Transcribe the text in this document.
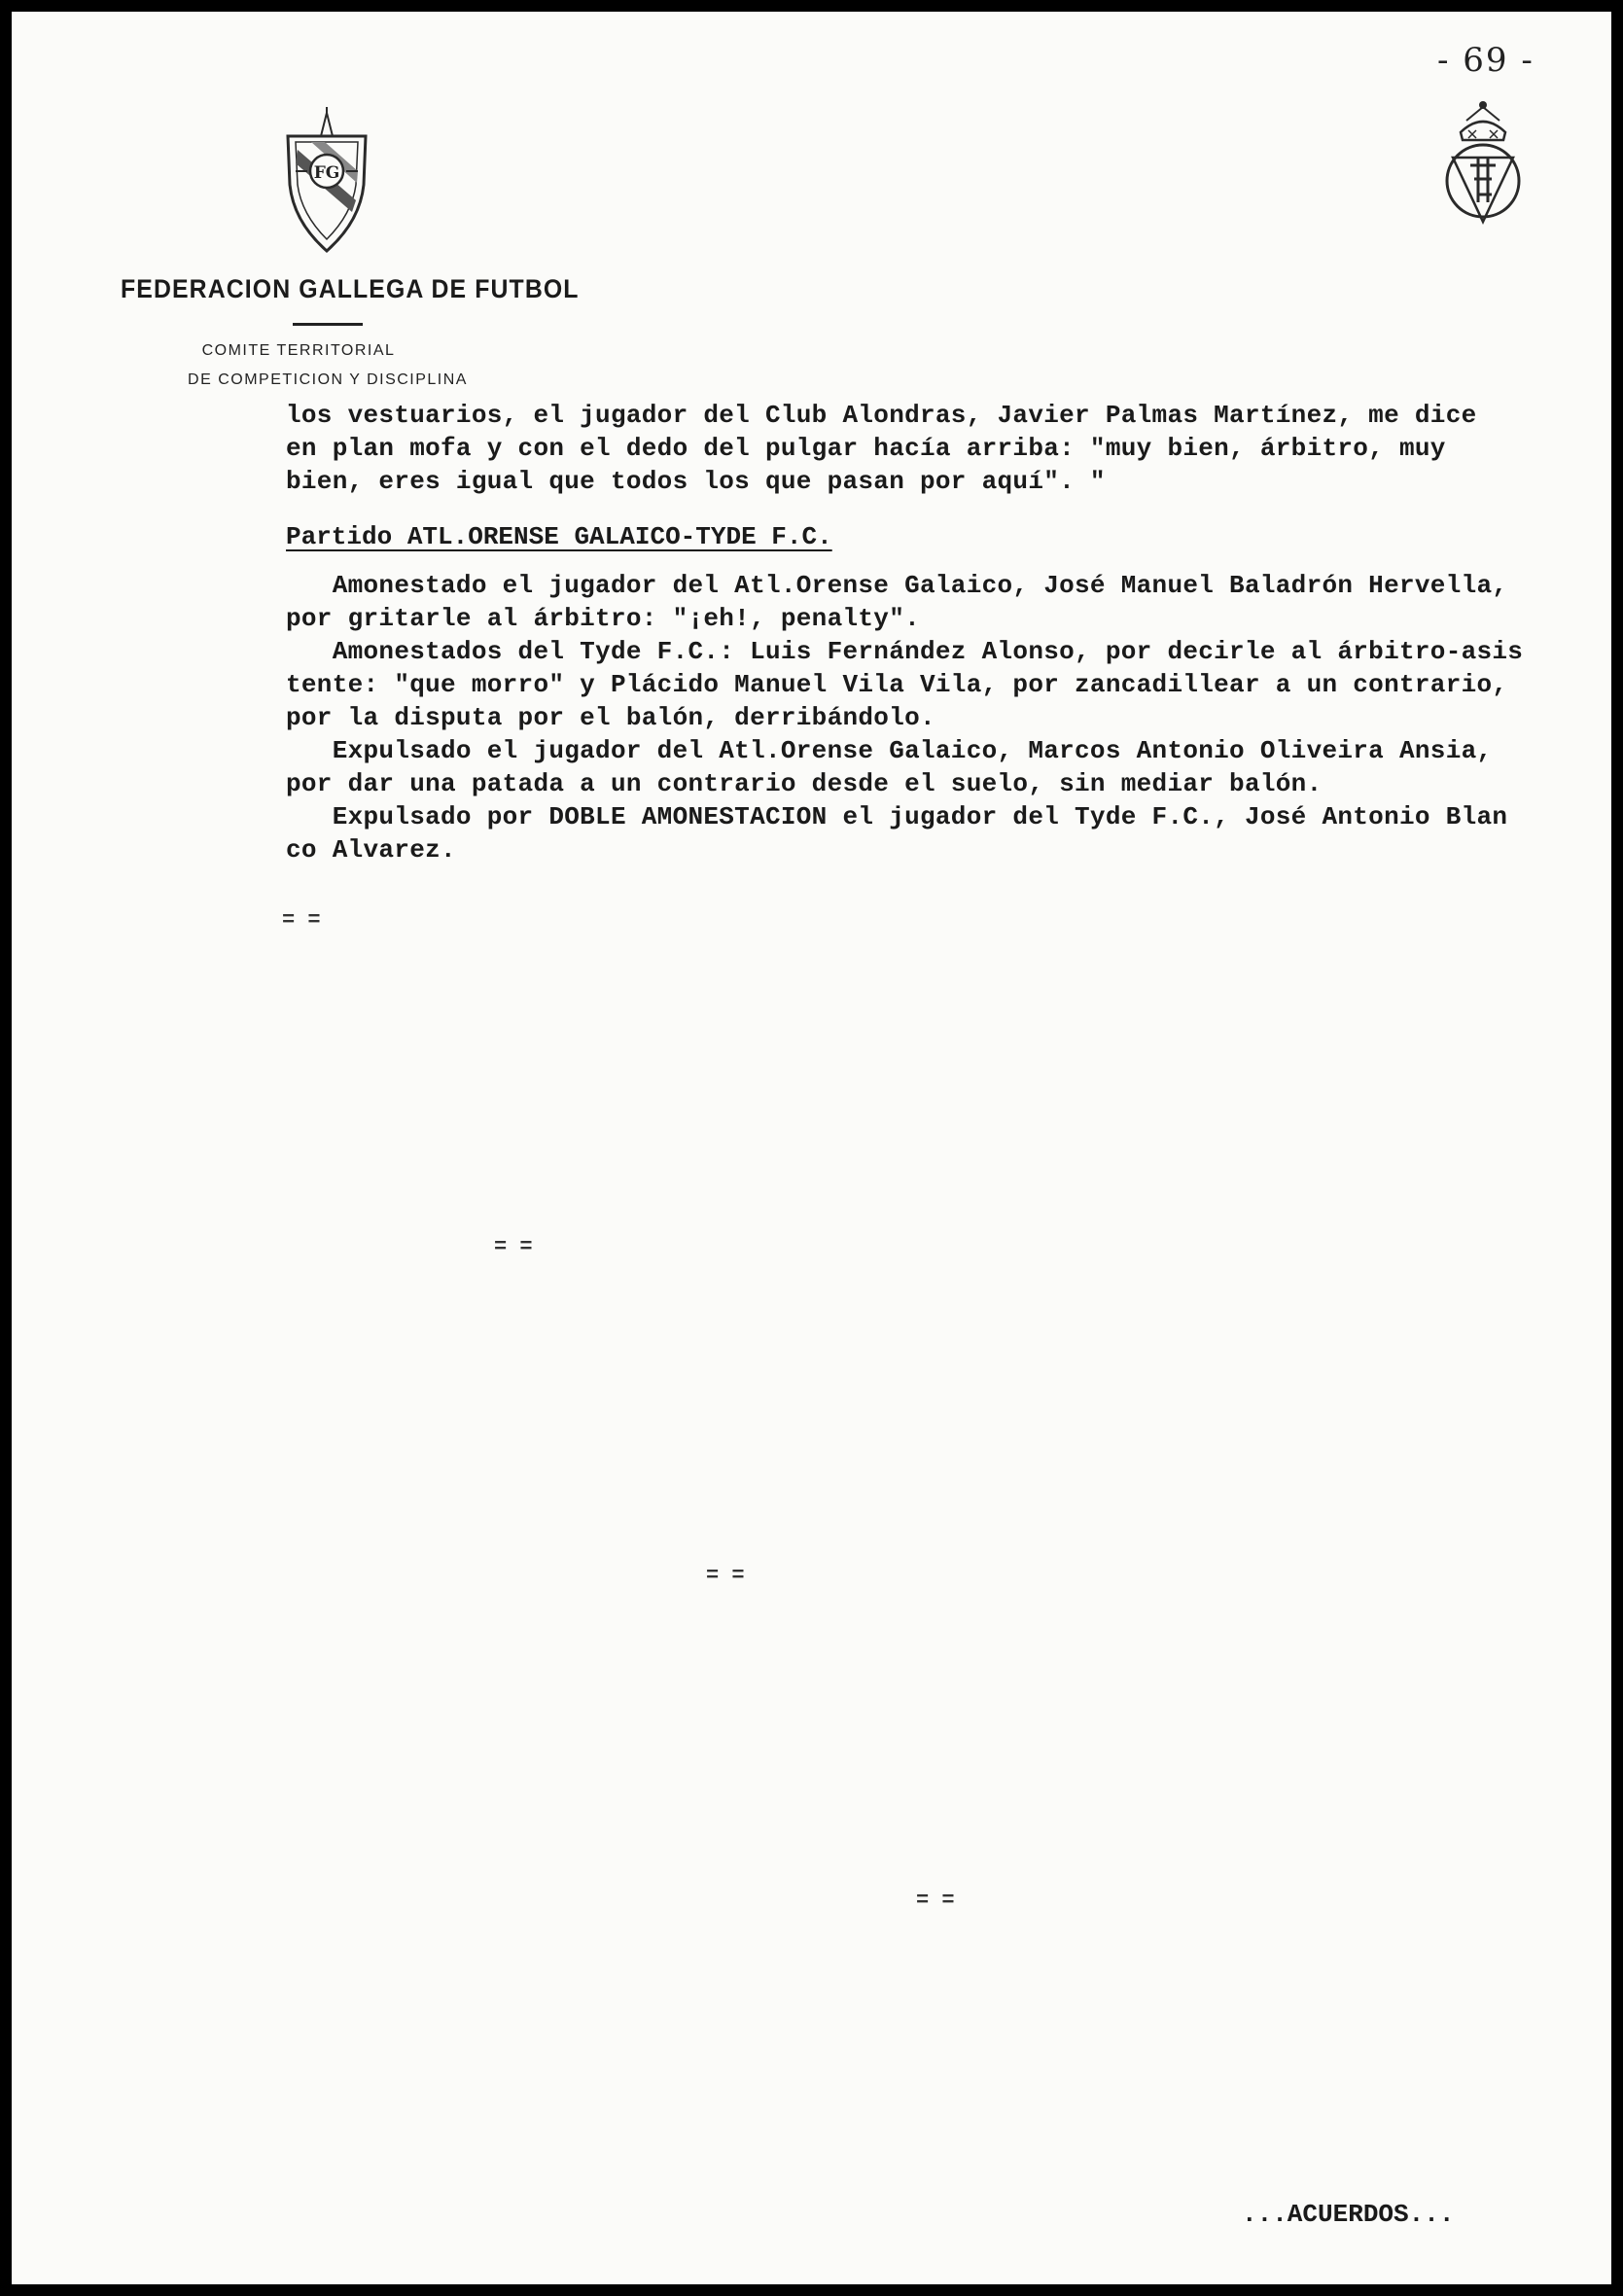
- 69 -
FG
FEDERACION GALLEGA DE FUTBOL
COMITE TERRITORIAL
DE COMPETICION Y DISCIPLINA
los vestuarios, el jugador del Club Alondras, Javier Palmas Martínez, me dice
en plan mofa y con el dedo del pulgar hacía arriba: "muy bien, árbitro, muy
bien, eres igual que todos los que pasan por aquí". "
Partido ATL.ORENSE GALAICO-TYDE F.C.
Amonestado el jugador del Atl.Orense Galaico, José Manuel Baladrón Hervella,
por gritarle al árbitro: "¡eh!, penalty".
Amonestados del Tyde F.C.: Luis Fernández Alonso, por decirle al árbitro-asis
tente: "que morro" y Plácido Manuel Vila Vila, por zancadillear a un contrario,
por la disputa por el balón, derribándolo.
Expulsado el jugador del Atl.Orense Galaico, Marcos Antonio Oliveira Ansia,
por dar una patada a un contrario desde el suelo, sin mediar balón.
Expulsado por DOBLE AMONESTACION el jugador del Tyde F.C., José Antonio Blan
co Alvarez.
= =
= =
= =
= =
...ACUERDOS...
